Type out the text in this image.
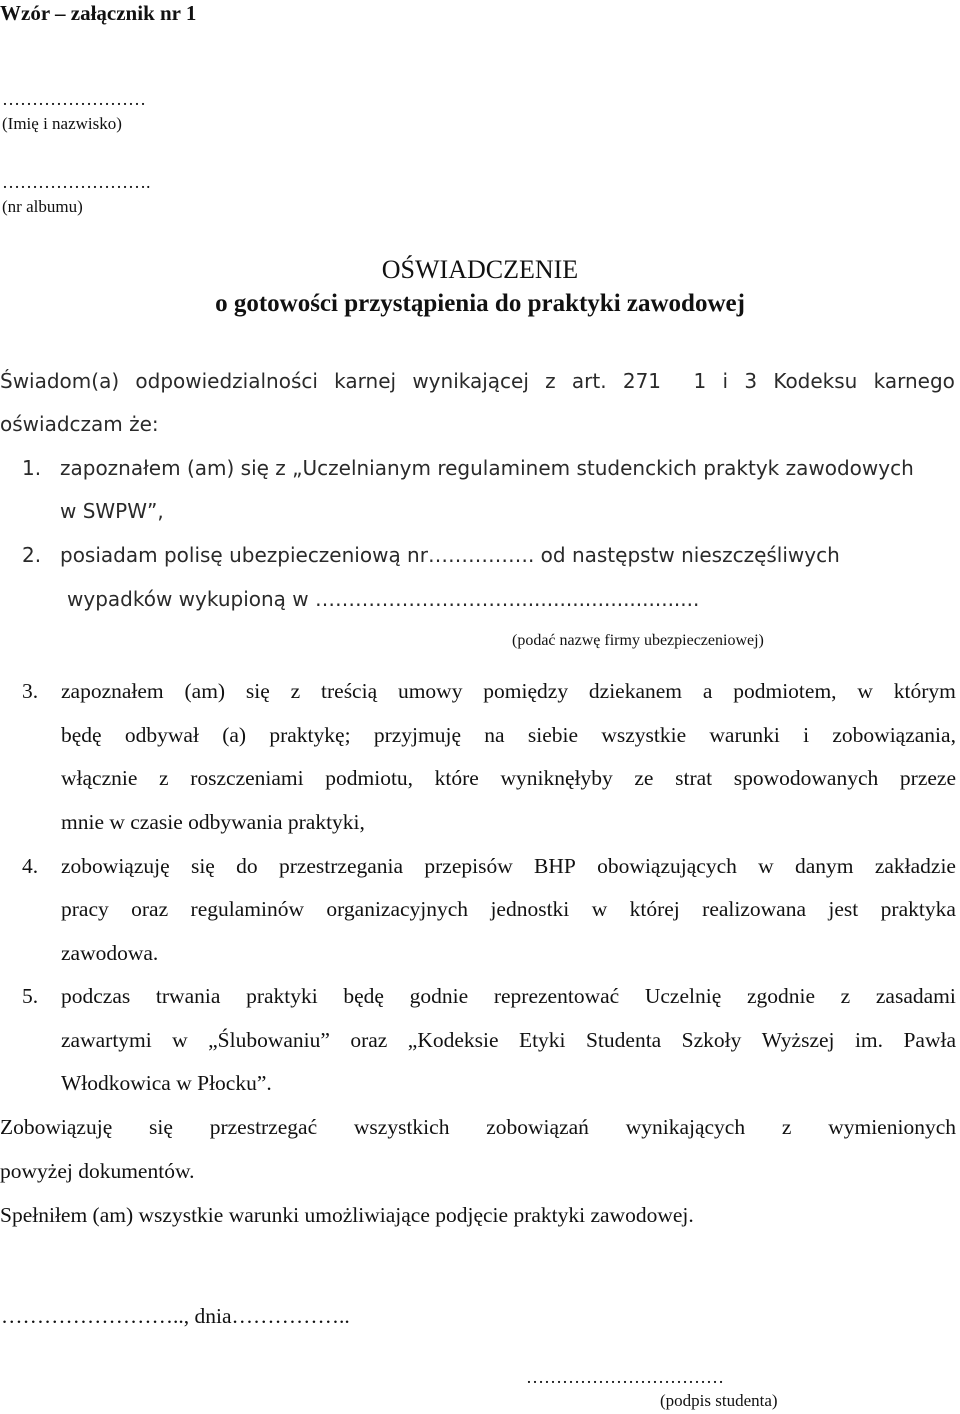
Wzór – załącznik nr 1
……………………
(Imię i nazwisko)
…………………….
(nr albumu)
OŚWIADCZENIE
o gotowości przystąpienia do praktyki zawodowej
Świadom(a) odpowiedzialności karnej wynikającej z art. 271 1 i 3 Kodeksu karnego
oświadczam że:
1. zapoznałem (am) się z „Uczelnianym regulaminem studenckich praktyk zawodowych
w SWPW”,
2. posiadam polisę ubezpieczeniową nr……………. od następstw nieszczęśliwych
wypadków wykupioną w ………………………….............................
(podać nazwę firmy ubezpieczeniowej)
3. zapoznałem (am) się z treścią umowy pomiędzy dziekanem a podmiotem, w którym
będę odbywał (a) praktykę; przyjmuję na siebie wszystkie warunki i zobowiązania,
włącznie z roszczeniami podmiotu, które wyniknęłyby ze strat spowodowanych przeze
mnie w czasie odbywania praktyki,
4. zobowiązuję się do przestrzegania przepisów BHP obowiązujących w danym zakładzie
pracy oraz regulaminów organizacyjnych jednostki w której realizowana jest praktyka
zawodowa.
5. podczas trwania praktyki będę godnie reprezentować Uczelnię zgodnie z zasadami
zawartymi w „Ślubowaniu” oraz „Kodeksie Etyki Studenta Szkoły Wyższej im. Pawła
Włodkowica w Płocku”.
Zobowiązuję się przestrzegać wszystkich zobowiązań wynikających z wymienionych
powyżej dokumentów.
Spełniłem (am) wszystkie warunki umożliwiające podjęcie praktyki zawodowej.
…………………….., dnia……………..
……………………………
(podpis studenta)
